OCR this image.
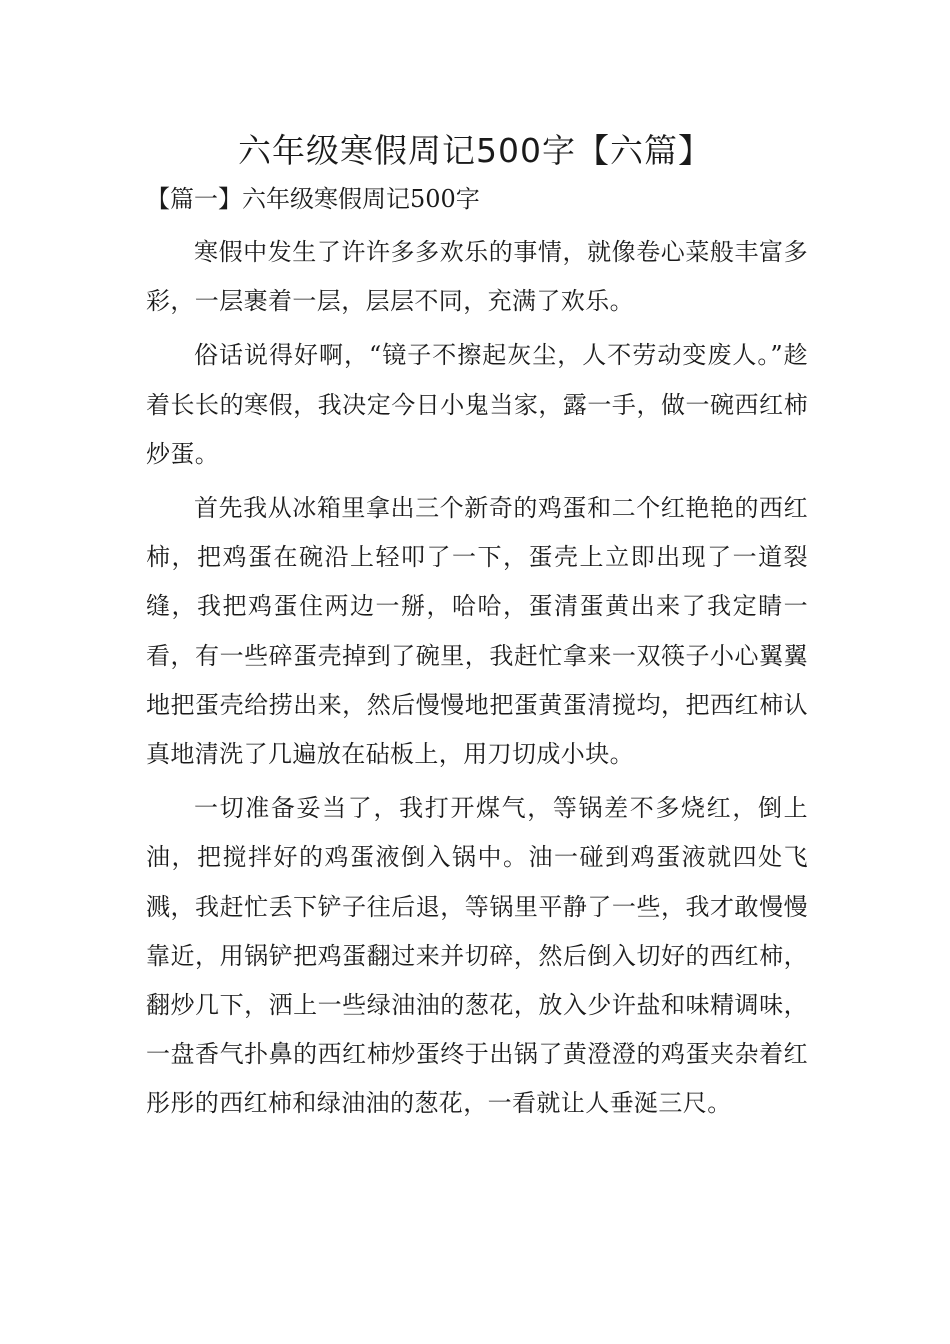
六年级寒假周记500字【六篇】
【篇一】六年级寒假周记500字

寒假中发生了许许多多欢乐的事情，就像卷心菜般丰富多彩，一层裹着一层，层层不同，充满了欢乐。

俗话说得好啊，“镜子不擦起灰尘，人不劳动变废人。”趁着长长的寒假，我决定今日小鬼当家，露一手，做一碗西红柿炒蛋。

首先我从冰箱里拿出三个新奇的鸡蛋和二个红艳艳的西红柿，把鸡蛋在碗沿上轻叩了一下，蛋壳上立即出现了一道裂缝，我把鸡蛋住两边一掰，哈哈，蛋清蛋黄出来了我定睛一看，有一些碎蛋壳掉到了碗里，我赶忙拿来一双筷子小心翼翼地把蛋壳给捞出来，然后慢慢地把蛋黄蛋清搅均，把西红柿认真地清洗了几遍放在砧板上，用刀切成小块。

一切准备妥当了，我打开煤气，等锅差不多烧红，倒上油，把搅拌好的鸡蛋液倒入锅中。油一碰到鸡蛋液就四处飞溅，我赶忙丢下铲子往后退，等锅里平静了一些，我才敢慢慢靠近，用锅铲把鸡蛋翻过来并切碎，然后倒入切好的西红柿，翻炒几下，洒上一些绿油油的葱花，放入少许盐和味精调味，一盘香气扑鼻的西红柿炒蛋终于出锅了黄澄澄的鸡蛋夹杂着红彤彤的西红柿和绿油油的葱花，一看就让人垂涎三尺。
